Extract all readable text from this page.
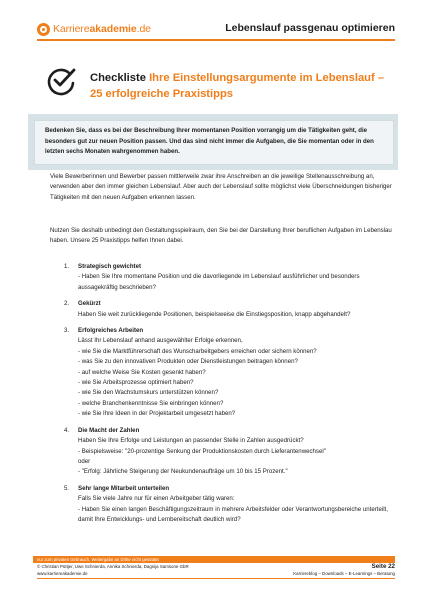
Karriereakademie.de	Lebenslauf passgenau optimieren
Checkliste Ihre Einstellungsargumente im Lebenslauf – 25 erfolgreiche Praxistipps
Bedenken Sie, dass es bei der Beschreibung Ihrer momentanen Position vorrangig um die Tätigkeiten geht, die besonders gut zur neuen Position passen. Und das sind nicht immer die Aufgaben, die Sie momentan oder in den letzten sechs Monaten wahrgenommen haben.
Viele Bewerberinnen und Bewerber passen mittlerweile zwar ihre Anschreiben an die jeweilige Stellenausschreibung an, verwenden aber den immer gleichen Lebenslauf. Aber auch der Lebenslauf sollte möglichst viele Überschneidungen bisheriger Tätigkeiten mit den neuen Aufgaben erkennen lassen.
Nutzen Sie deshalb unbedingt den Gestaltungsspielraum, den Sie bei der Darstellung Ihrer beruflichen Aufgaben im Lebenslau haben. Unsere 25 Praxistipps helfen Ihnen dabei.
1. Strategisch gewichtet
- Haben Sie Ihre momentane Position und die davorliegende im Lebenslauf ausführlicher und besonders aussagekräftig beschrieben?
2. Gekürzt
Haben Sie weit zurückliegende Positionen, beispielsweise die Einstiegsposition, knapp abgehandelt?
3. Erfolgreiches Arbeiten
Lässt Ihr Lebenslauf anhand ausgewählter Erfolge erkennen,
- wie Sie die Marktführerschaft des Wunscharbeitgebers erreichen oder sichern können?
- was Sie zu den innovativen Produkten oder Dienstleistungen beitragen können?
- auf welche Weise Sie Kosten gesenkt haben?
- wie Sie Arbeitsprozesse optimiert haben?
- wie Sie den Wachstumskurs unterstützen können?
- welche Branchenkenntnisse Sie einbringen können?
- wie Sie Ihre Ideen in der Projektarbeit umgesetzt haben?
4. Die Macht der Zahlen
Haben Sie Ihre Erfolge und Leistungen an passender Stelle in Zahlen ausgedrückt?
- Beispielsweise: "20-prozentige Senkung der Produktionskosten durch Lieferantenwechsel"
oder
- "Erfolg: Jährliche Steigerung der Neukundenaufträge um 10 bis 15 Prozent."
5. Sehr lange Mitarbeit unterteilen
Falls Sie viele Jahre nur für einen Arbeitgeber tätig waren:
- Haben Sie einen langen Beschäftigungszeitraum in mehrere Arbeitsfelder oder Verantwortungsbereiche unterteilt, damit Ihre Entwicklungs- und Lernbereitschaft deutlich wird?
nur zum privaten Gebrauch, Weitergabe an Dritte nicht gestattet
© Christian Püttjer, Uwe Schnierda, Annika Schnierda, Dagnija Samsone GbR
www.karriereakademie.de
Seite 22
Karriereblog – Downloads – E-Learnings – Beratung
